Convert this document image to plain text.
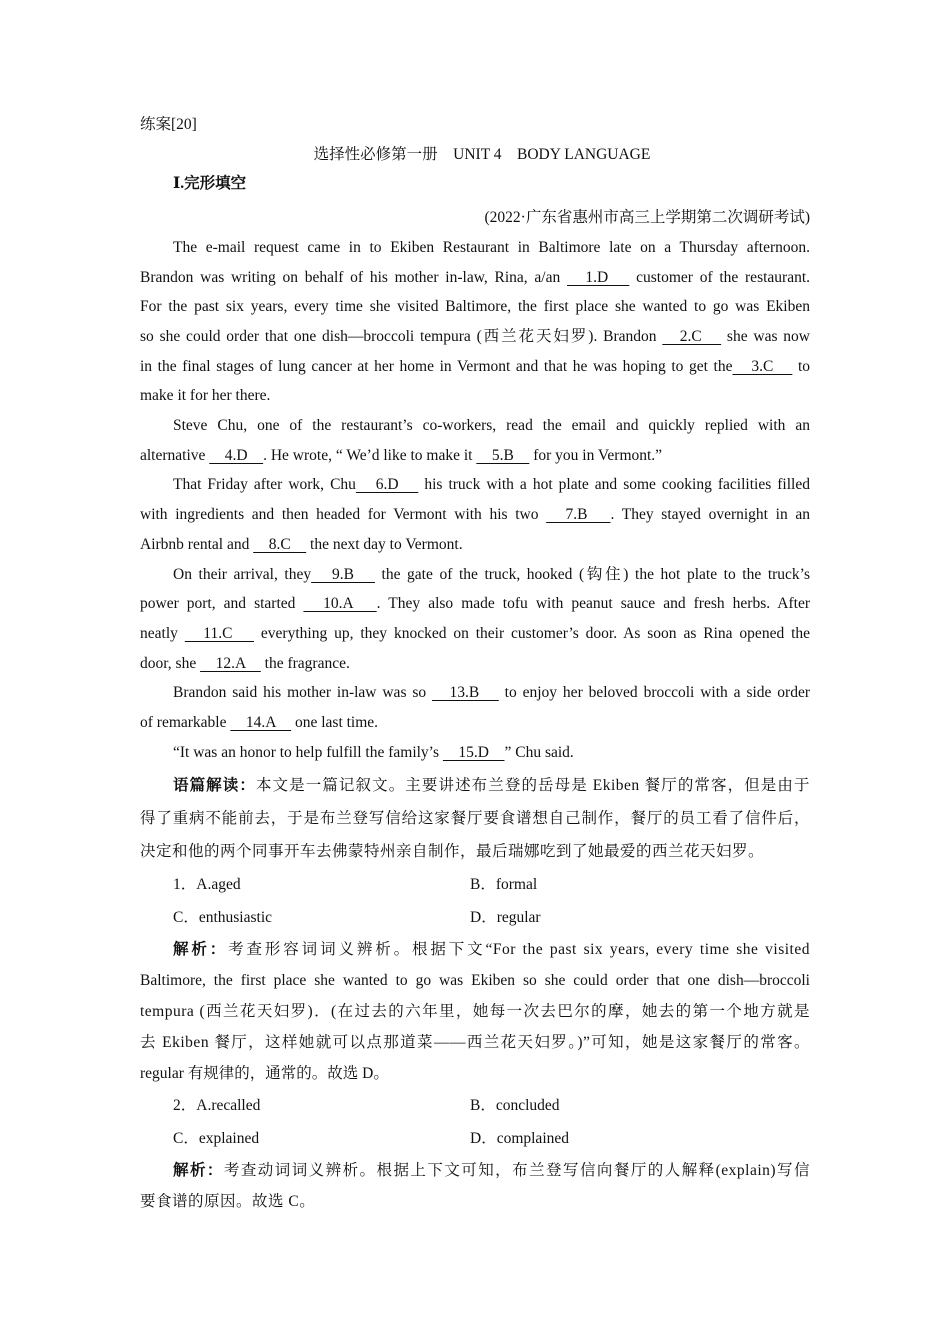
练案[20]
选择性必修第一册　UNIT 4　BODY LANGUAGE
Ⅰ.完形填空
(2022·广东省惠州市高三上学期第二次调研考试)
The e-mail request came in to Ekiben Restaurant in Baltimore late on a Thursday afternoon.
Brandon was writing on behalf of his mother in-law, Rina, a/an 　1.D　 customer of the restaurant.
For the past six years, every time she visited Baltimore, the first place she wanted to go was Ekiben
so she could order that one dish—broccoli tempura (西兰花天妇罗). Brandon 　2.C　 she was now
in the final stages of lung cancer at her home in Vermont and that he was hoping to get the　3.C　 to
make it for her there.
Steve Chu, one of the restaurant’s co-workers, read the email and quickly replied with an
alternative 　4.D　. He wrote, “ We’d like to make it 　5.B　 for you in Vermont.”
That Friday after work, Chu　6.D　 his truck with a hot plate and some cooking facilities filled
with ingredients and then headed for Vermont with his two 　7.B　. They stayed overnight in an
Airbnb rental and 　8.C　 the next day to Vermont.
On their arrival, they　9.B　 the gate of the truck, hooked (钩住) the hot plate to the truck’s
power port, and started 　10.A　. They also made tofu with peanut sauce and fresh herbs. After
neatly 　11.C　 everything up, they knocked on their customer’s door. As soon as Rina opened the
door, she 　12.A　 the fragrance.
Brandon said his mother in-law was so 　13.B　 to enjoy her beloved broccoli with a side order
of remarkable 　14.A　 one last time.
“It was an honor to help fulfill the family’s 　15.D　” Chu said.
语篇解读：本文是一篇记叙文。主要讲述布兰登的岳母是 Ekiben 餐厅的常客，但是由于
得了重病不能前去，于是布兰登写信给这家餐厅要食谱想自己制作，餐厅的员工看了信件后，
决定和他的两个同事开车去佛蒙特州亲自制作，最后瑞娜吃到了她最爱的西兰花天妇罗。
1．A.aged	B．formal
C．enthusiastic	D．regular
解析：考查形容词词义辨析。根据下文“For the past six years, every time she visited
Baltimore, the first place she wanted to go was Ekiben so she could order that one dish—broccoli
tempura (西兰花天妇罗)．(在过去的六年里，她每一次去巴尔的摩，她去的第一个地方就是
去 Ekiben 餐厅，这样她就可以点那道菜——西兰花天妇罗。)”可知，她是这家餐厅的常客。
regular 有规律的，通常的。故选 D。
2．A.recalled	B．concluded
C．explained	D．complained
解析：考查动词词义辨析。根据上下文可知，布兰登写信向餐厅的人解释(explain)写信
要食谱的原因。故选 C。
